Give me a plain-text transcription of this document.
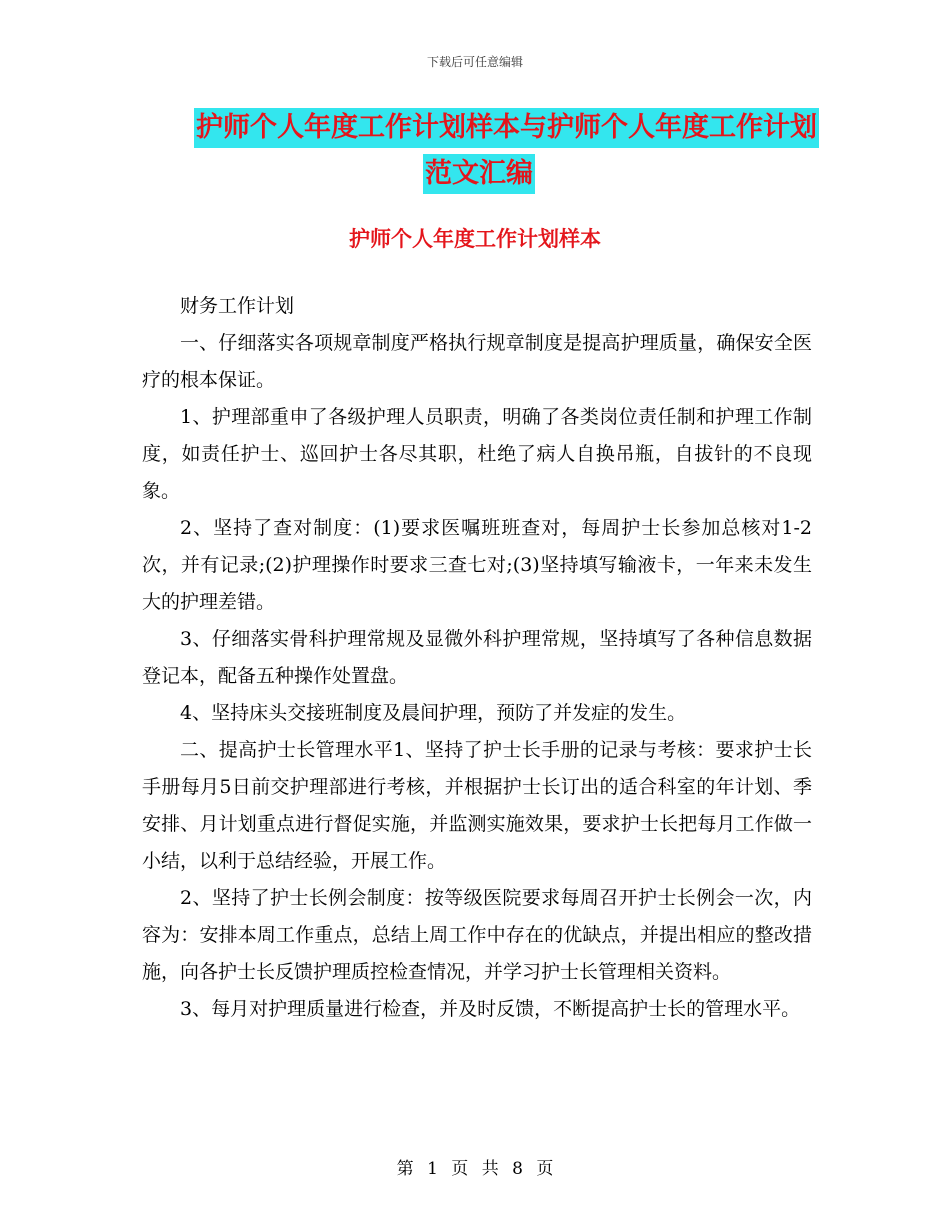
下载后可任意编辑
护师个人年度工作计划样本与护师个人年度工作计划
范文汇编
护师个人年度工作计划样本

财务工作计划

一、仔细落实各项规章制度严格执行规章制度是提高护理质量，确保安全医疗的根本保证。

1、护理部重申了各级护理人员职责，明确了各类岗位责任制和护理工作制度，如责任护士、巡回护士各尽其职，杜绝了病人自换吊瓶，自拔针的不良现象。

2、坚持了查对制度：(1)要求医嘱班班查对，每周护士长参加总核对1-2次，并有记录;(2)护理操作时要求三查七对;(3)坚持填写输液卡，一年来未发生大的护理差错。

3、仔细落实骨科护理常规及显微外科护理常规，坚持填写了各种信息数据登记本，配备五种操作处置盘。

4、坚持床头交接班制度及晨间护理，预防了并发症的发生。

二、提高护士长管理水平1、坚持了护士长手册的记录与考核：要求护士长手册每月5日前交护理部进行考核，并根据护士长订出的适合科室的年计划、季安排、月计划重点进行督促实施，并监测实施效果，要求护士长把每月工作做一小结，以利于总结经验，开展工作。

2、坚持了护士长例会制度：按等级医院要求每周召开护士长例会一次，内容为：安排本周工作重点，总结上周工作中存在的优缺点，并提出相应的整改措施，向各护士长反馈护理质控检查情况，并学习护士长管理相关资料。

3、每月对护理质量进行检查，并及时反馈，不断提高护士长的管理水平。

第 1 页 共 8 页
